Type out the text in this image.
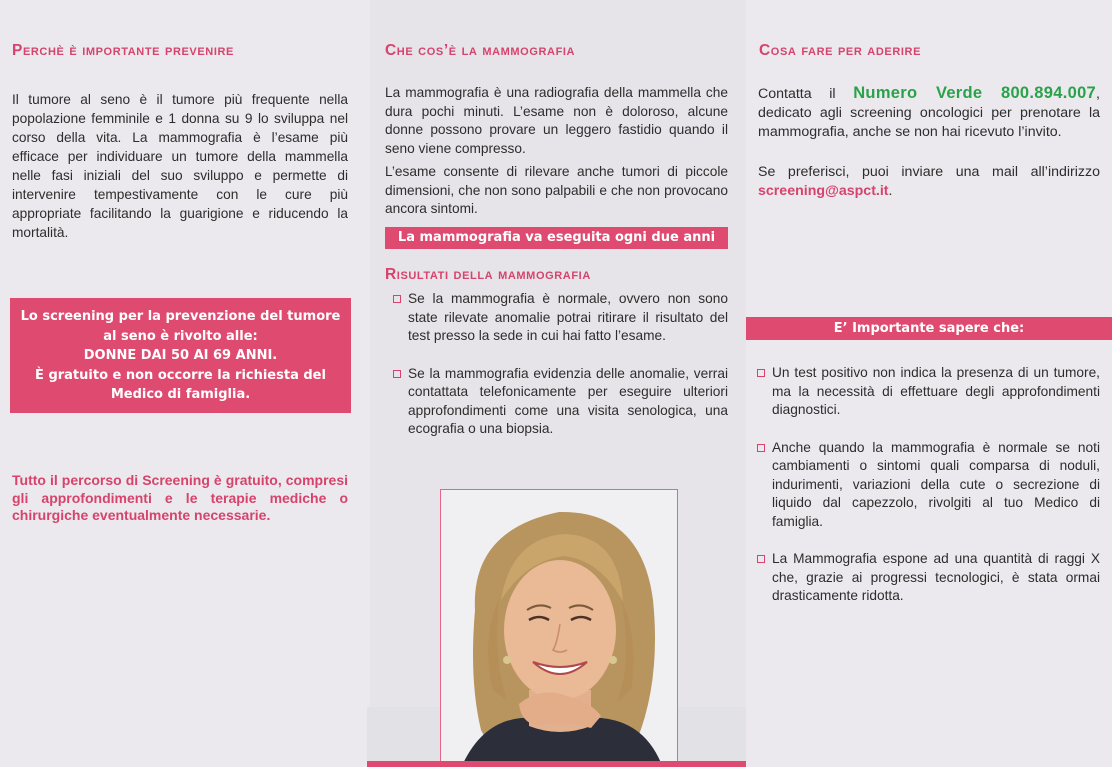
Perchè è importante prevenire

Il tumore al seno è il tumore più frequente nella popolazione femminile e 1 donna su 9 lo sviluppa nel corso della vita. La mammografia è l’esame più efficace per individuare un tumore della mammella nelle fasi iniziali del suo sviluppo e permette di intervenire tempestivamente con le cure più appropriate facilitando la guarigione e riducendo la mortalità.

Lo screening per la prevenzione del tumore
al seno è rivolto alle:
DONNE DAI 50 AI 69 ANNI.
È gratuito e non occorre la richiesta del
Medico di famiglia.

Tutto il percorso di Screening è gratuito, compresi gli approfondimenti e le terapie mediche o chirurgiche eventualmente necessarie.

Che cos’è la mammografia

La mammografia è una radiografia della mammella che dura pochi minuti. L’esame non è doloroso, alcune donne possono provare un leggero fastidio quando il seno viene compresso.

L’esame consente di rilevare anche tumori di piccole dimensioni, che non sono palpabili e che non provocano ancora sintomi.

La mammografia va eseguita ogni due anni
Risultati della mammografia
Se la mammografia è normale, ovvero non sono state rilevate anomalie potrai ritirare il risultato del test presso la sede in cui hai fatto l’esame.
Se la mammografia evidenzia delle anomalie, verrai contattata telefonicamente per eseguire ulteriori approfondimenti come una visita senologica, una ecografia o una biopsia.
Cosa fare per aderire

Contatta il Numero Verde 800.894.007, dedicato agli screening oncologici per prenotare la mammografia, anche se non hai ricevuto l’invito.

Se preferisci, puoi inviare una mail all’indirizzo screening@aspct.it.

E’ Importante sapere che:
Un test positivo non indica la presenza di un tumore, ma la necessità di effettuare degli approfondimenti diagnostici.
Anche quando la mammografia è normale se noti cambiamenti o sintomi quali comparsa di noduli, indurimenti, variazioni della cute o secrezione di liquido dal capezzolo, rivolgiti al tuo Medico di famiglia.
La Mammografia espone ad una quantità di raggi X che, grazie ai progressi tecnologici, è stata ormai drasticamente ridotta.
